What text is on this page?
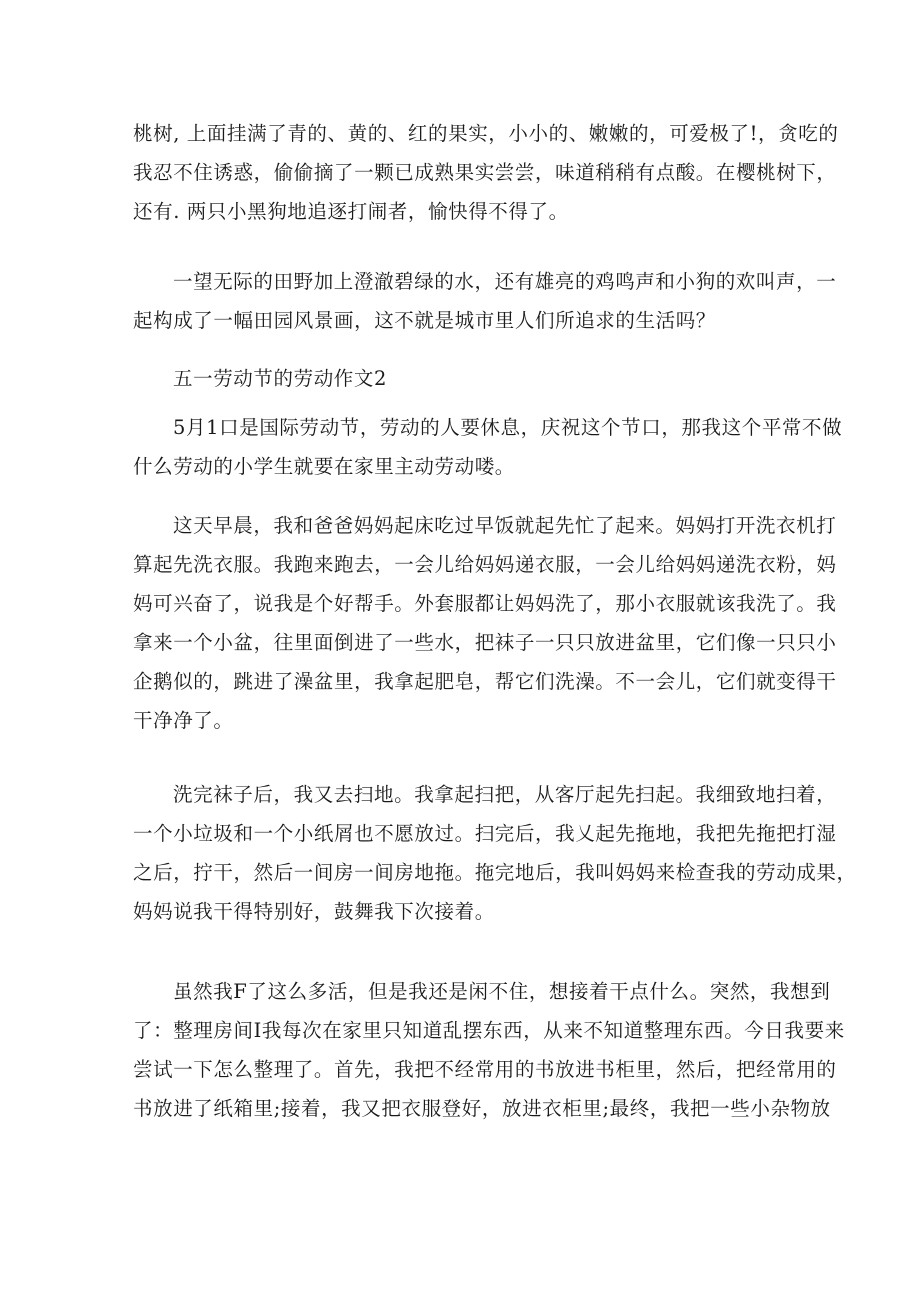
桃树, 上面挂满了青的、黄的、红的果实，小小的、嫩嫩的，可爱极了!，贪吃的
我忍不住诱惑，偷偷摘了一颗已成熟果实尝尝，味道稍稍有点酸。在樱桃树下，
还有. 两只小黑狗地追逐打闹者，愉快得不得了。

一望无际的田野加上澄澈碧绿的水，还有雄亮的鸡鸣声和小狗的欢叫声，一
起构成了一幅田园风景画，这不就是城市里人们所追求的生活吗？

五一劳动节的劳动作文2

5月1口是国际劳动节，劳动的人要休息，庆祝这个节口，那我这个平常不做
什么劳动的小学生就要在家里主动劳动喽。

这天早晨，我和爸爸妈妈起床吃过早饭就起先忙了起来。妈妈打开洗衣机打
算起先洗衣服。我跑来跑去，一会儿给妈妈递衣服，一会儿给妈妈递洗衣粉，妈
妈可兴奋了，说我是个好帮手。外套服都让妈妈洗了，那小衣服就该我洗了。我
拿来一个小盆，往里面倒进了一些水，把袜子一只只放进盆里，它们像一只只小
企鹅似的，跳进了澡盆里，我拿起肥皂，帮它们洗澡。不一会儿，它们就变得干
干净净了。

洗完袜子后，我又去扫地。我拿起扫把，从客厅起先扫起。我细致地扫着，
一个小垃圾和一个小纸屑也不愿放过。扫完后，我乂起先拖地，我把先拖把打湿
之后，拧干，然后一间房一间房地拖。拖完地后，我叫妈妈来检查我的劳动成果，
妈妈说我干得特别好，鼓舞我下次接着。

虽然我F了这么多活，但是我还是闲不住，想接着干点什么。突然，我想到
了：整理房间I我每次在家里只知道乱摆东西，从来不知道整理东西。今日我要来
尝试一下怎么整理了。首先，我把不经常用的书放进书柜里，然后，把经常用的
书放进了纸箱里;接着，我又把衣服登好，放进衣柜里;最终，我把一些小杂物放
